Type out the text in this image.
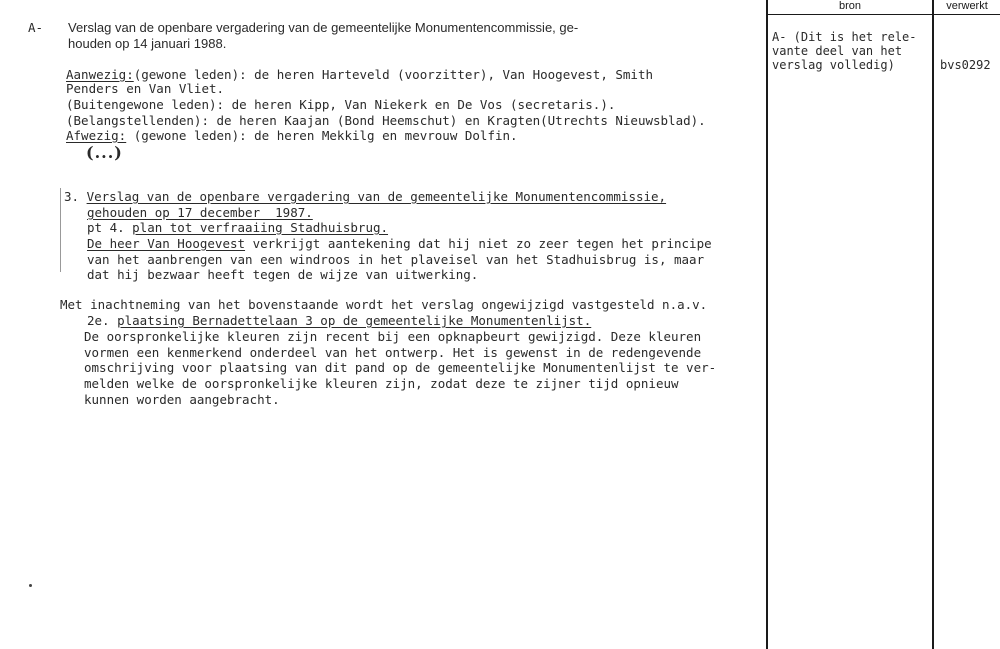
bron	verwerkt
A- Verslag van de openbare vergadering van de gemeentelijke Monumentencommissie, ge-
houden op 14 januari 1988.
Aanwezig:(gewone leden): de heren Harteveld (voorzitter), Van Hoogevest, Smith
Penders en Van Vliet.
(Buitengewone leden): de heren Kipp, Van Niekerk en De Vos (secretaris.).
(Belangstellenden): de heren Kaajan (Bond Heemschut) en Kragten(Utrechts Nieuwsblad).
Afwezig: (gewone leden): de heren Mekkilg en mevrouw Dolfin.
(...)
3. Verslag van de openbare vergadering van de gemeentelijke Monumentencommissie,
gehouden op 17 december  1987.
pt 4. plan tot verfraaiing Stadhuisbrug.
De heer Van Hoogevest verkrijgt aantekening dat hij niet zo zeer tegen het principe
van het aanbrengen van een windroos in het plaveisel van het Stadhuisbrug is, maar
dat hij bezwaar heeft tegen de wijze van uitwerking.
Met inachtneming van het bovenstaande wordt het verslag ongewijzigd vastgesteld n.a.v.
2e. plaatsing Bernadettelaan 3 op de gemeentelijke Monumentenlijst.
De oorspronkelijke kleuren zijn recent bij een opknapbeurt gewijzigd. Deze kleuren
vormen een kenmerkend onderdeel van het ontwerp. Het is gewenst in de redengevende
omschrijving voor plaatsing van dit pand op de gemeentelijke Monumentenlijst te ver-
melden welke de oorspronkelijke kleuren zijn, zodat deze te zijner tijd opnieuw
kunnen worden aangebracht.
A- (Dit is het rele-
vante deel van het
verslag volledig)	bvs0292
